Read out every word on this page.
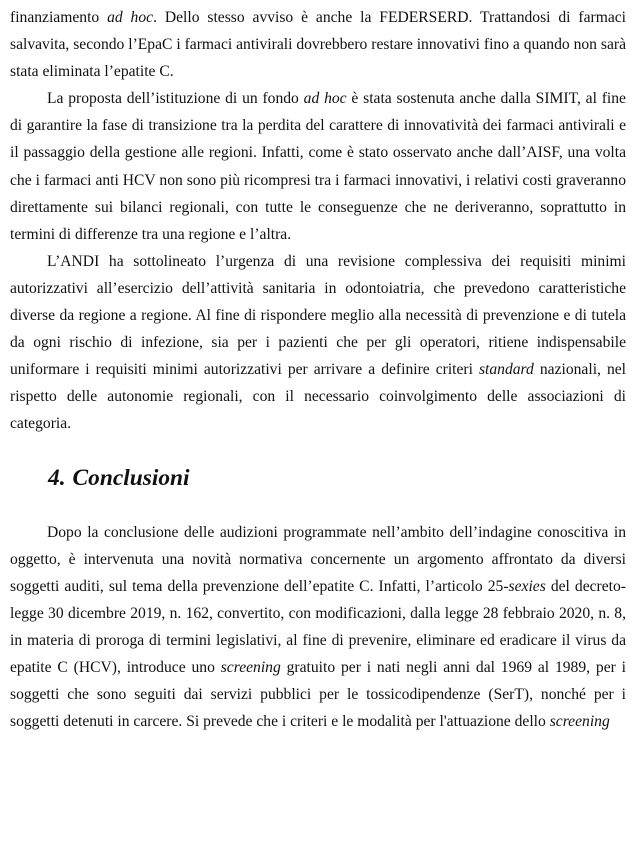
finanziamento ad hoc. Dello stesso avviso è anche la FEDERSERD. Trattandosi di farmaci salvavita, secondo l’EpaC i farmaci antivirali dovrebbero restare innovativi fino a quando non sarà stata eliminata l’epatite C.

La proposta dell’istituzione di un fondo ad hoc è stata sostenuta anche dalla SIMIT, al fine di garantire la fase di transizione tra la perdita del carattere di innovatività dei farmaci antivirali e il passaggio della gestione alle regioni. Infatti, come è stato osservato anche dall’AISF, una volta che i farmaci anti HCV non sono più ricompresi tra i farmaci innovativi, i relativi costi graveranno direttamente sui bilanci regionali, con tutte le conseguenze che ne deriveranno, soprattutto in termini di differenze tra una regione e l’altra.

L’ANDI ha sottolineato l’urgenza di una revisione complessiva dei requisiti minimi autorizzativi all’esercizio dell’attività sanitaria in odontoiatria, che prevedono caratteristiche diverse da regione a regione. Al fine di rispondere meglio alla necessità di prevenzione e di tutela da ogni rischio di infezione, sia per i pazienti che per gli operatori, ritiene indispensabile uniformare i requisiti minimi autorizzativi per arrivare a definire criteri standard nazionali, nel rispetto delle autonomie regionali, con il necessario coinvolgimento delle associazioni di categoria.

4. Conclusioni

Dopo la conclusione delle audizioni programmate nell’ambito dell’indagine conoscitiva in oggetto, è intervenuta una novità normativa concernente un argomento affrontato da diversi soggetti auditi, sul tema della prevenzione dell’epatite C. Infatti, l’articolo 25-sexies del decreto-legge 30 dicembre 2019, n. 162, convertito, con modificazioni, dalla legge 28 febbraio 2020, n. 8, in materia di proroga di termini legislativi, al fine di prevenire, eliminare ed eradicare il virus da epatite C (HCV), introduce uno screening gratuito per i nati negli anni dal 1969 al 1989, per i soggetti che sono seguiti dai servizi pubblici per le tossicodipendenze (SerT), nonché per i soggetti detenuti in carcere. Si prevede che i criteri e le modalità per l'attuazione dello screening
